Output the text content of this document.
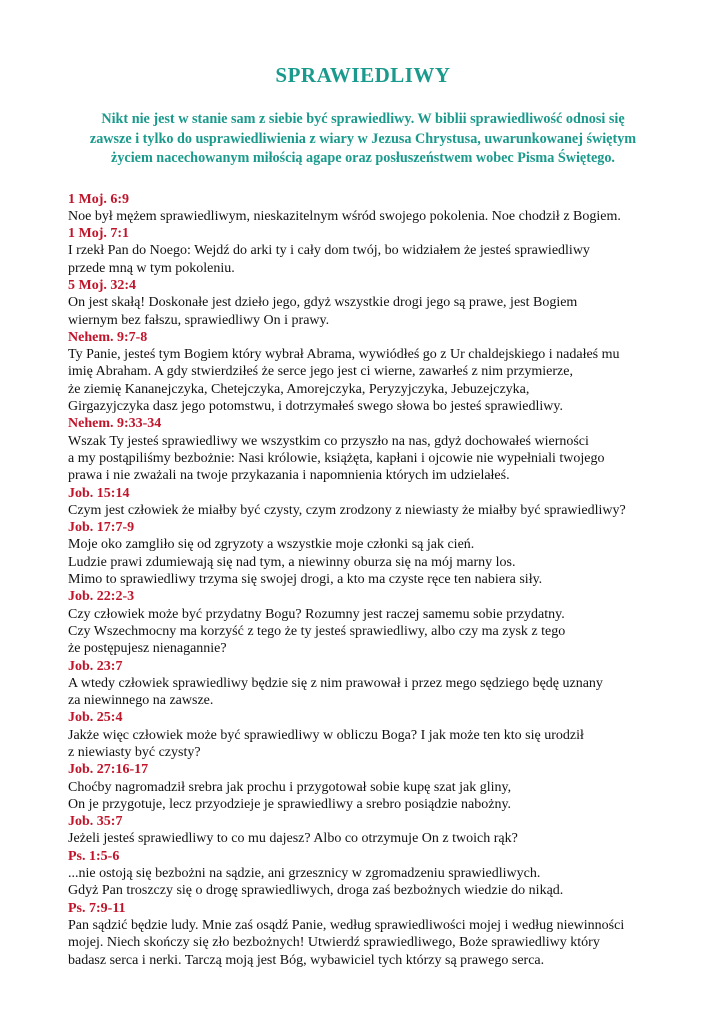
SPRAWIEDLIWY
Nikt nie jest w stanie sam z siebie być sprawiedliwy. W biblii sprawiedliwość odnosi się
zawsze i tylko do usprawiedliwienia z wiary w Jezusa Chrystusa, uwarunkowanej świętym
życiem nacechowanym miłością agape oraz posłuszeństwem wobec Pisma Świętego.
1 Moj. 6:9
Noe był mężem sprawiedliwym, nieskazitelnym wśród swojego pokolenia. Noe chodził z Bogiem.
1 Moj. 7:1
I rzekł Pan do Noego: Wejdź do arki ty i cały dom twój, bo widziałem że jesteś sprawiedliwy
przede mną w tym pokoleniu.
5 Moj. 32:4
On jest skałą! Doskonałe jest dzieło jego, gdyż wszystkie drogi jego są prawe, jest Bogiem
wiernym bez fałszu, sprawiedliwy On i prawy.
Nehem. 9:7-8
Ty Panie, jesteś tym Bogiem który wybrał Abrama, wywiódłeś go z Ur chaldejskiego i nadałeś mu
imię Abraham. A gdy stwierdziłeś że serce jego jest ci wierne, zawarłeś z nim przymierze,
że ziemię Kananejczyka, Chetejczyka, Amorejczyka, Peryzyjczyka, Jebuzejczyka,
Girgazyjczyka dasz jego potomstwu, i dotrzymałeś swego słowa bo jesteś sprawiedliwy.
Nehem. 9:33-34
Wszak Ty jesteś sprawiedliwy we wszystkim co przyszło na nas, gdyż dochowałeś wierności
a my postąpiliśmy bezbożnie: Nasi królowie, książęta, kapłani i ojcowie nie wypełniali twojego
prawa i nie zważali na twoje przykazania i napomnienia których im udzielałeś.
Job. 15:14
Czym jest człowiek że miałby być czysty, czym zrodzony z niewiasty że miałby być sprawiedliwy?
Job. 17:7-9
Moje oko zamgliło się od zgryzoty a wszystkie moje członki są jak cień.
Ludzie prawi zdumiewają się nad tym, a niewinny oburza się na mój marny los.
Mimo to sprawiedliwy trzyma się swojej drogi, a kto ma czyste ręce ten nabiera siły.
Job. 22:2-3
Czy człowiek może być przydatny Bogu? Rozumny jest raczej samemu sobie przydatny.
Czy Wszechmocny ma korzyść z tego że ty jesteś sprawiedliwy, albo czy ma zysk z tego
że postępujesz nienagannie?
Job. 23:7
A wtedy człowiek sprawiedliwy będzie się z nim prawował i przez mego sędziego będę uznany
za niewinnego na zawsze.
Job. 25:4
Jakże więc człowiek może być sprawiedliwy w obliczu Boga? I jak może ten kto się urodził
z niewiasty być czysty?
Job. 27:16-17
Choćby nagromadził srebra jak prochu i przygotował sobie kupę szat jak gliny,
On je przygotuje, lecz przyodzieje je sprawiedliwy a srebro posiądzie nabożny.
Job. 35:7
Jeżeli jesteś sprawiedliwy to co mu dajesz? Albo co otrzymuje On z twoich rąk?
Ps. 1:5-6
...nie ostoją się bezbożni na sądzie, ani grzesznicy w zgromadzeniu sprawiedliwych.
Gdyż Pan troszczy się o drogę sprawiedliwych, droga zaś bezbożnych wiedzie do nikąd.
Ps. 7:9-11
Pan sądzić będzie ludy. Mnie zaś osądź Panie, według sprawiedliwości mojej i według niewinności
mojej. Niech skończy się zło bezbożnych! Utwierdź sprawiedliwego, Boże sprawiedliwy który
badasz serca i nerki. Tarczą moją jest Bóg, wybawiciel tych którzy są prawego serca.
